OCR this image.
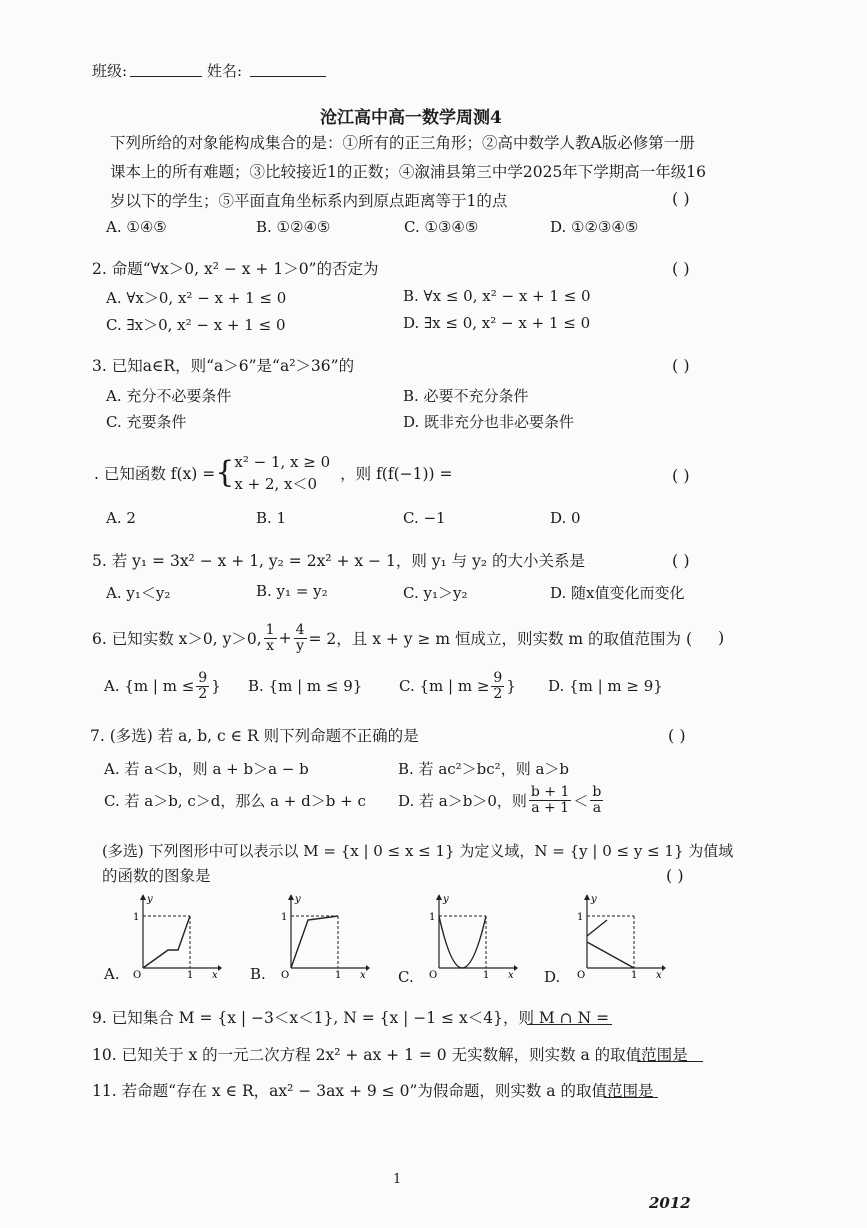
班级:	姓名:
沧江高中高一数学周测4
下列所给的对象能构成集合的是：①所有的正三角形；②高中数学人教A版必修第一册
课本上的所有难题；③比较接近1的正数；④溆浦县第三中学2025年下学期高一年级16
岁以下的学生；⑤平面直角坐标系内到原点距离等于1的点	( )
A. ①④⑤	B. ①②④⑤	C. ①③④⑤	D. ①②③④⑤
2. 命题“∀x＞0, x² − x + 1＞0”的否定为	( )
A. ∀x＞0, x² − x + 1 ≤ 0	B. ∀x ≤ 0, x² − x + 1 ≤ 0
C. ∃x＞0, x² − x + 1 ≤ 0	D. ∃x ≤ 0, x² − x + 1 ≤ 0
3. 已知a∈R，则“a＞6”是“a²＞36”的	( )
A. 充分不必要条件	B. 必要不充分条件
C. 充要条件	D. 既非充分也非必要条件
. 已知函数 f(x) = { x² − 1, x ≥ 0
x + 2, x＜0
，则 f(f(−1)) =	( )
A. 2	B. 1	C. −1	D. 0
5. 若 y₁ = 3x² − x + 1, y₂ = 2x² + x − 1，则 y₁ 与 y₂ 的大小关系是	( )
A. y₁＜y₂	B. y₁ = y₂	C. y₁＞y₂	D. 随x值变化而变化
6. 已知实数 x＞0, y＞0, $\frac{1}{x} + \frac{4}{y} = 2$，且 x + y ≥ m 恒成立，则实数 m 的取值范围为 ( )
A. {m | $m \le \frac{9}{2}$ } B. {m | m ≤ 9} C. {m | $m \ge \frac{9}{2}$ } D. {m | m ≥ 9}
7. (多选) 若 a, b, c ∈ R 则下列命题不正确的是	( )
A. 若 a＜b，则 a + b＞a − b	B. 若 ac²＞bc²，则 a＞b
C. 若 a＞b, c＞d，那么 a + d＞b + c D. 若 a＞b＞0，则 $\frac{b + 1}{a + 1} < \frac{b}{a}$
(多选) 下列图形中可以表示以 M = {x | 0 ≤ x ≤ 1} 为定义域，N = {y | 0 ≤ y ≤ 1} 为值域
的函数的图象是	( )
A.	B.	C.	D.
y
1
O	1 x
y
1
O	1 x
y
1
O	1 x
y
1
O	1 x
9. 已知集合 M = {x | −3＜x＜1}, N = {x | −1 ≤ x＜4}，则 M ∩ N =
10. 已知关于 x 的一元二次方程 2x² + ax + 1 = 0 无实数解，则实数 a 的取值范围是
11. 若命题“存在 x ∈ R，ax² − 3ax + 9 ≤ 0”为假命题，则实数 a 的取值范围是
1
2012
